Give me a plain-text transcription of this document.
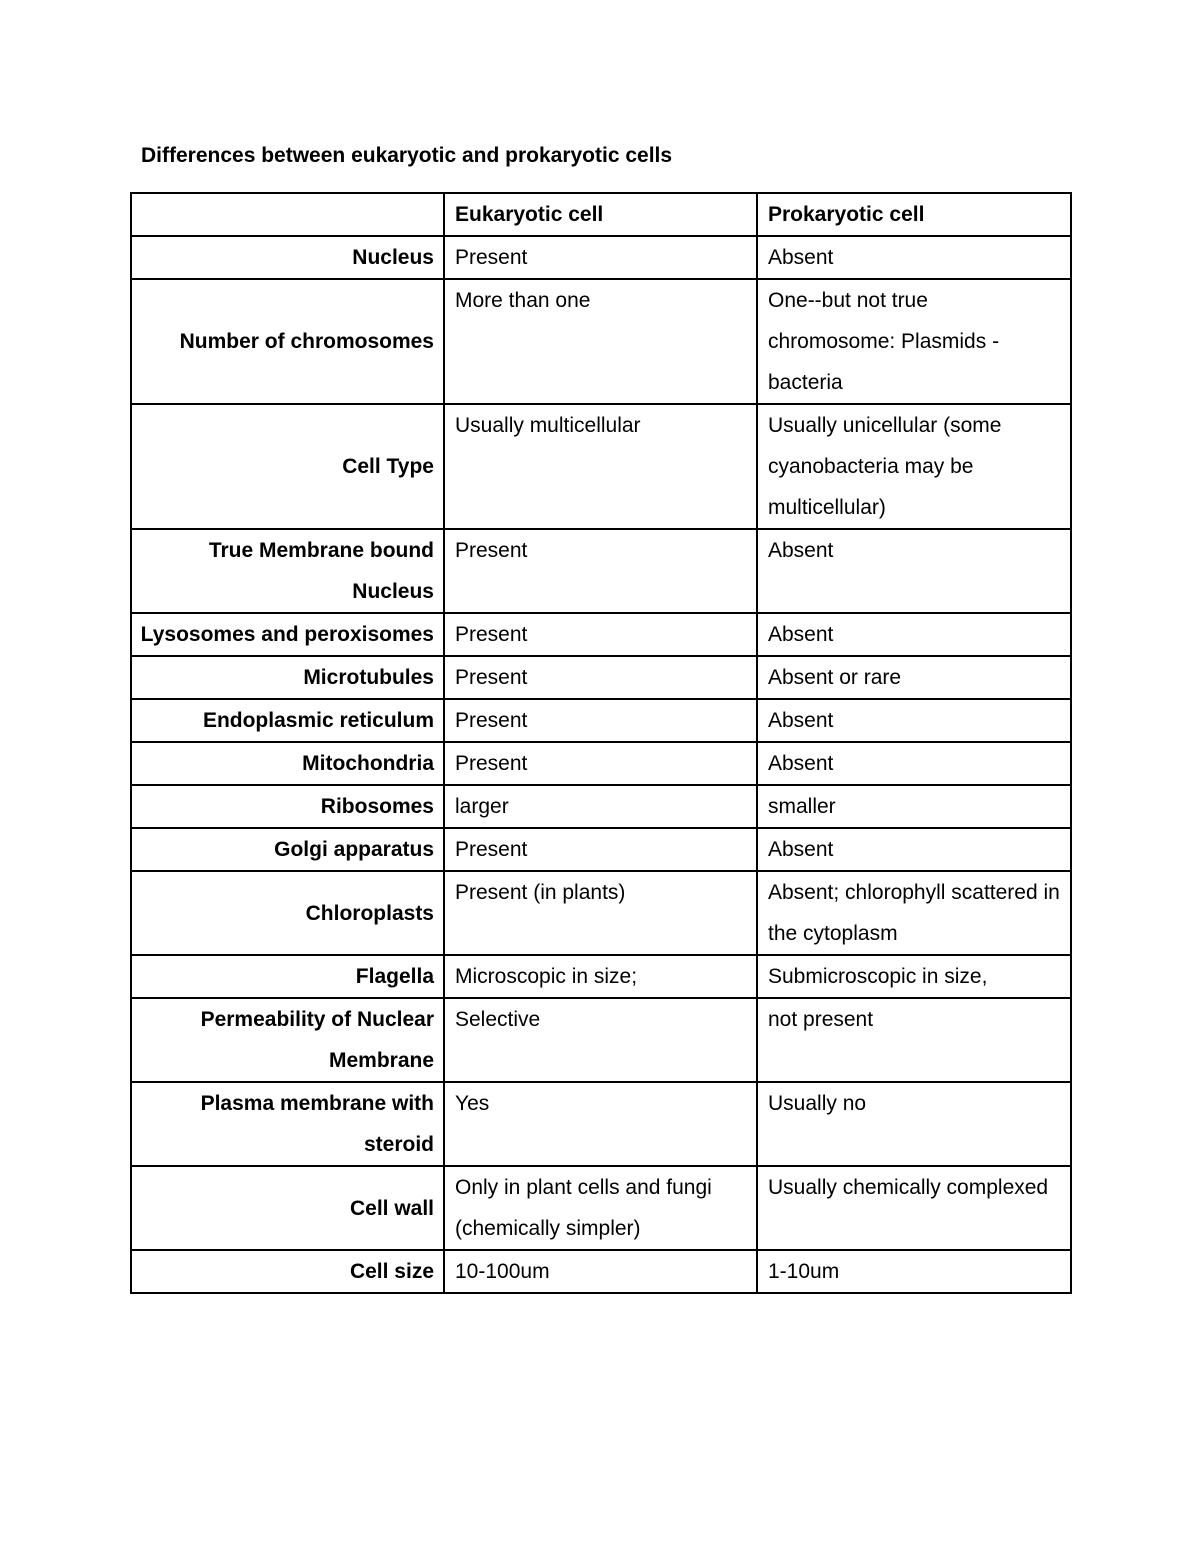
Differences between eukaryotic and prokaryotic cells
	Eukaryotic cell	Prokaryotic cell
Nucleus	Present	Absent
Number of chromosomes	More than one	One--but not true chromosome: Plasmids - bacteria
Cell Type	Usually multicellular	Usually unicellular (some cyanobacteria may be multicellular)
True Membrane bound Nucleus	Present	Absent
Lysosomes and peroxisomes	Present	Absent
Microtubules	Present	Absent or rare
Endoplasmic reticulum	Present	Absent
Mitochondria	Present	Absent
Ribosomes	larger	smaller
Golgi apparatus	Present	Absent
Chloroplasts	Present (in plants)	Absent; chlorophyll scattered in the cytoplasm
Flagella	Microscopic in size;	Submicroscopic in size,
Permeability of Nuclear Membrane	Selective	not present
Plasma membrane with steroid	Yes	Usually no
Cell wall	Only in plant cells and fungi (chemically simpler)	Usually chemically complexed
Cell size	10-100um	1-10um
